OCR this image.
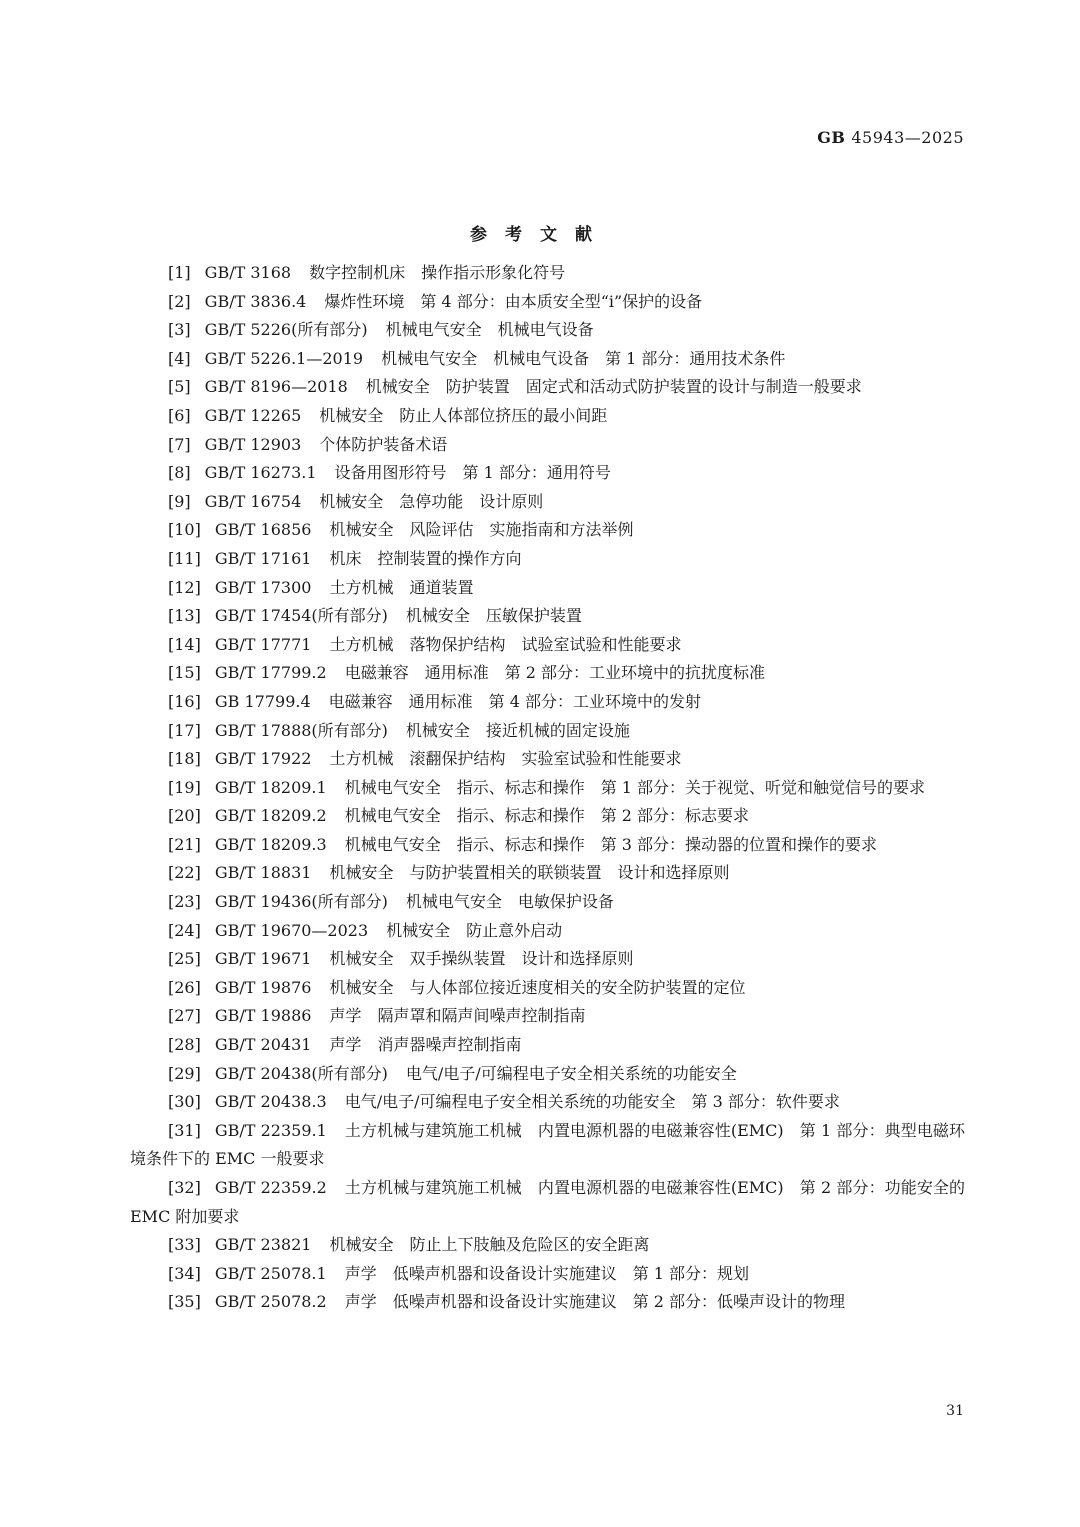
GB 45943—2025
参考文献
[1] GB/T 3168 数字控制机床　操作指示形象化符号
[2] GB/T 3836.4 爆炸性环境　第 4 部分：由本质安全型“i”保护的设备
[3] GB/T 5226(所有部分) 机械电气安全　机械电气设备
[4] GB/T 5226.1—2019 机械电气安全　机械电气设备　第 1 部分：通用技术条件
[5] GB/T 8196—2018 机械安全　防护装置　固定式和活动式防护装置的设计与制造一般要求
[6] GB/T 12265 机械安全　防止人体部位挤压的最小间距
[7] GB/T 12903 个体防护装备术语
[8] GB/T 16273.1 设备用图形符号　第 1 部分：通用符号
[9] GB/T 16754 机械安全　急停功能　设计原则
[10] GB/T 16856 机械安全　风险评估　实施指南和方法举例
[11] GB/T 17161 机床　控制装置的操作方向
[12] GB/T 17300 土方机械　通道装置
[13] GB/T 17454(所有部分) 机械安全　压敏保护装置
[14] GB/T 17771 土方机械　落物保护结构　试验室试验和性能要求
[15] GB/T 17799.2 电磁兼容　通用标准　第 2 部分：工业环境中的抗扰度标准
[16] GB 17799.4 电磁兼容　通用标准　第 4 部分：工业环境中的发射
[17] GB/T 17888(所有部分) 机械安全　接近机械的固定设施
[18] GB/T 17922 土方机械　滚翻保护结构　实验室试验和性能要求
[19] GB/T 18209.1 机械电气安全　指示、标志和操作　第 1 部分：关于视觉、听觉和触觉信号的要求
[20] GB/T 18209.2 机械电气安全　指示、标志和操作　第 2 部分：标志要求
[21] GB/T 18209.3 机械电气安全　指示、标志和操作　第 3 部分：操动器的位置和操作的要求
[22] GB/T 18831 机械安全　与防护装置相关的联锁装置　设计和选择原则
[23] GB/T 19436(所有部分) 机械电气安全　电敏保护设备
[24] GB/T 19670—2023 机械安全　防止意外启动
[25] GB/T 19671 机械安全　双手操纵装置　设计和选择原则
[26] GB/T 19876 机械安全　与人体部位接近速度相关的安全防护装置的定位
[27] GB/T 19886 声学　隔声罩和隔声间噪声控制指南
[28] GB/T 20431 声学　消声器噪声控制指南
[29] GB/T 20438(所有部分) 电气/电子/可编程电子安全相关系统的功能安全
[30] GB/T 20438.3 电气/电子/可编程电子安全相关系统的功能安全　第 3 部分：软件要求
[31] GB/T 22359.1 土方机械与建筑施工机械　内置电源机器的电磁兼容性(EMC)　第 1 部分：典型电磁环境条件下的 EMC 一般要求
[32] GB/T 22359.2 土方机械与建筑施工机械　内置电源机器的电磁兼容性(EMC)　第 2 部分：功能安全的 EMC 附加要求
[33] GB/T 23821 机械安全　防止上下肢触及危险区的安全距离
[34] GB/T 25078.1 声学　低噪声机器和设备设计实施建议　第 1 部分：规划
[35] GB/T 25078.2 声学　低噪声机器和设备设计实施建议　第 2 部分：低噪声设计的物理
31
